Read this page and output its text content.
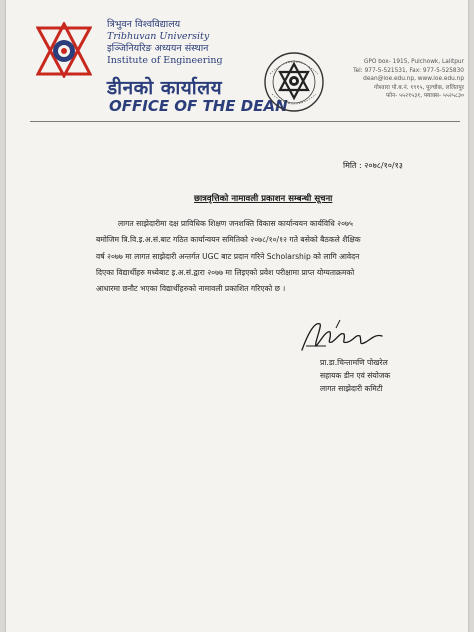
त्रिभुवन विश्वविद्यालय
Tribhuvan University
इञ्जिनियरिङ अध्ययन संस्थान
Institute of Engineering
डीनको कार्यालय
OFFICE OF THE DEAN
GPO box- 1915, Pulchowk, Lalitpur
Tel: 977-5-521531, Fax: 977-5-525830
dean@ioe.edu.np, www.ioe.edu.np
गोश्वारा पो.ब.नं. १९१५, पुल्चोक, ललितपुर
फोन- ५५२१५३१, फ्याक्स- ५५२५८३०
मिति : २०७८/१०/१३
छात्रवृत्तिको नामावली प्रकाशन सम्बन्धी सूचना
लागत साझेदारीमा दक्ष प्राविधिक शिक्षण जनशक्ति विकास कार्यान्वयन कार्यविधि २०७५
बमोजिम त्रि.वि.इ.अ.सं.बाट गठित कार्यान्वयन समितिको २०७८/१०/१२ गते बसेको बैठकले शैक्षिक
वर्ष २०७७ मा लागत साझेदारी अन्तर्गत UGC बाट प्रदान गरिने Scholarship को लागि आवेदन
दिएका विद्यार्थीहरु मध्येबाट इ.अ.सं.द्वारा २०७७ मा लिइएको प्रवेश परीक्षामा प्राप्त योग्यताक्रमको
आधारमा छनौट भएका विद्यार्थीहरुको नामावली प्रकाशित गरिएको छ ।
प्रा.डा.चिन्तामणि पोखरेल
सहायक डीन एवं संयोजक
लागत साझेदारी कमिटी
